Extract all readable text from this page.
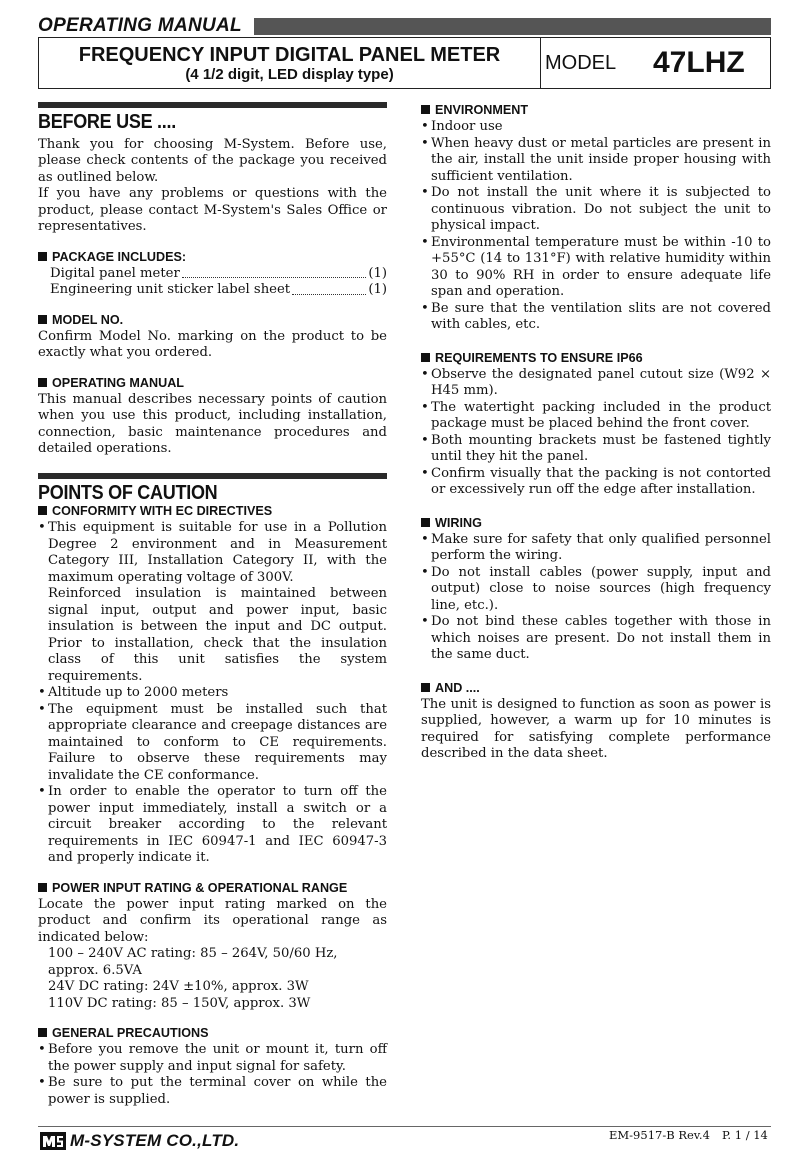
OPERATING MANUAL
FREQUENCY INPUT DIGITAL PANEL METER
(4 1/2 digit, LED display type)
MODEL 47LHZ
BEFORE USE ....

Thank you for choosing M-System. Before use, please check contents of the package you received as outlined below.

If you have any problems or questions with the product, please contact M-System's Sales Office or representatives.

PACKAGE INCLUDES:
Digital panel meter	(1)
Engineering unit sticker label sheet	(1)
MODEL NO.

Confirm Model No. marking on the product to be exactly what you ordered.

OPERATING MANUAL

This manual describes necessary points of caution when you use this product, including installation, connection, basic maintenance procedures and detailed operations.

POINTS OF CAUTION
CONFORMITY WITH EC DIRECTIVES
• This equipment is suitable for use in a Pollution Degree 2 environment and in Measurement Category III, Installation Category II, with the maximum operating voltage of 300V.
Reinforced insulation is maintained between signal input, output and power input, basic insulation is between the input and DC output. Prior to installation, check that the insulation class of this unit satisfies the system requirements.
• Altitude up to 2000 meters
• The equipment must be installed such that appropriate clearance and creepage distances are maintained to conform to CE requirements. Failure to observe these requirements may invalidate the CE conformance.
• In order to enable the operator to turn off the power input immediately, install a switch or a circuit breaker according to the relevant requirements in IEC 60947-1 and IEC 60947-3 and properly indicate it.
POWER INPUT RATING & OPERATIONAL RANGE

Locate the power input rating marked on the product and confirm its operational range as indicated below:

100 – 240V AC rating: 85 – 264V, 50/60 Hz, approx. 6.5VA
24V DC rating: 24V ±10%, approx. 3W
110V DC rating: 85 – 150V, approx. 3W
GENERAL PRECAUTIONS
• Before you remove the unit or mount it, turn off the power supply and input signal for safety.
• Be sure to put the terminal cover on while the power is supplied.
ENVIRONMENT
• Indoor use
• When heavy dust or metal particles are present in the air, install the unit inside proper housing with sufficient ventilation.
• Do not install the unit where it is subjected to continuous vibration. Do not subject the unit to physical impact.
• Environmental temperature must be within -10 to +55°C (14 to 131°F) with relative humidity within 30 to 90% RH in order to ensure adequate life span and operation.
• Be sure that the ventilation slits are not covered with cables, etc.
REQUIREMENTS TO ENSURE IP66
• Observe the designated panel cutout size (W92 × H45 mm).
• The watertight packing included in the product package must be placed behind the front cover.
• Both mounting brackets must be fastened tightly until they hit the panel.
• Confirm visually that the packing is not contorted or excessively run off the edge after installation.
WIRING
• Make sure for safety that only qualified personnel perform the wiring.
• Do not install cables (power supply, input and output) close to noise sources (high frequency line, etc.).
• Do not bind these cables together with those in which noises are present. Do not install them in the same duct.
AND ....

The unit is designed to function as soon as power is supplied, however, a warm up for 10 minutes is required for satisfying complete performance described in the data sheet.

M-SYSTEM CO.,LTD.	EM-9517-B Rev.4 P. 1 / 14
